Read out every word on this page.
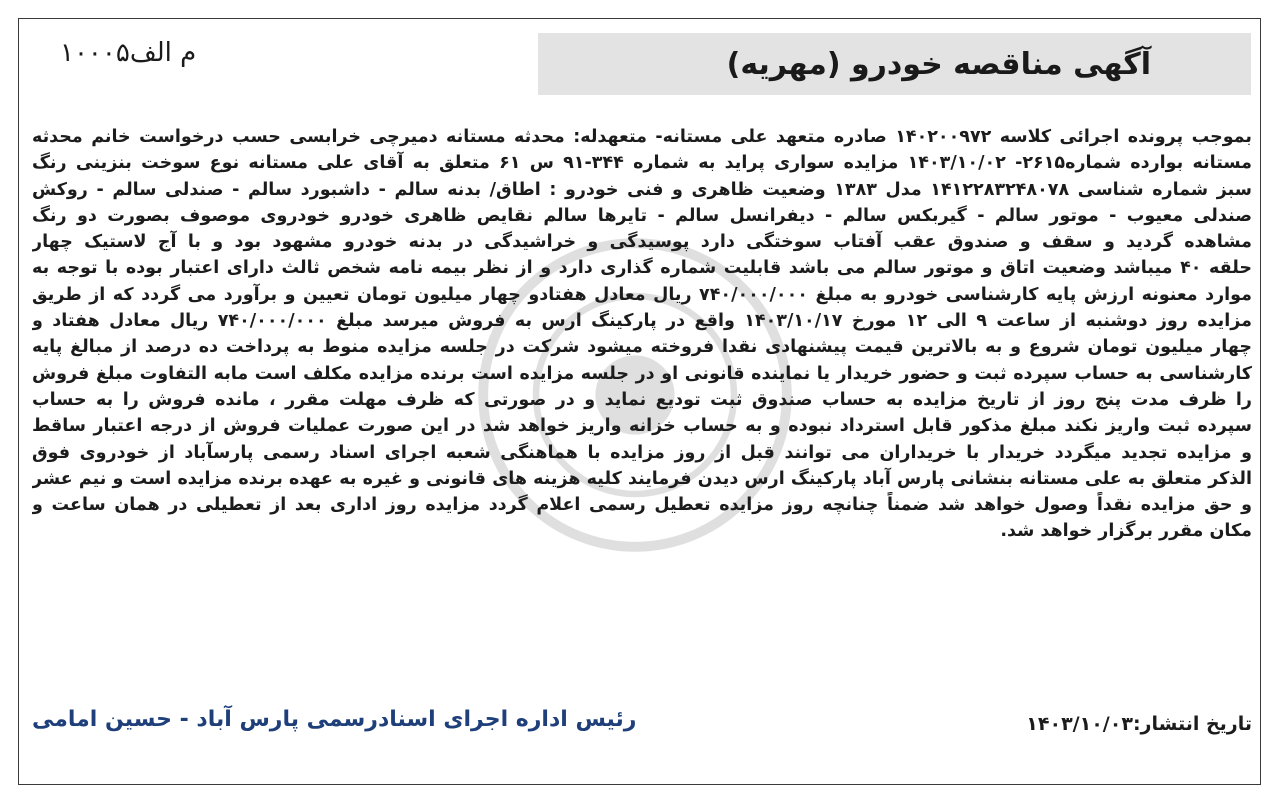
آگهی مناقصه خودرو (مهریه)
م الف۱۰۰۰۵
بموجب پرونده اجرائی کلاسه ۱۴۰۲۰۰۹۷۲ صادره متعهد علی مستانه- متعهدله: محدثه مستانه دمیرچی خرابسی حسب درخواست خانم محدثه
مستانه بوارده شماره۲۶۱۵- ۱۴۰۳/۱۰/۰۲ مزایده سواری پراید به شماره ۳۴۴-۹۱ س ۶۱ متعلق به آقای علی مستانه نوع سوخت بنزینی رنگ
سبز شماره شناسی ۱۴۱۲۲۸۳۲۴۸۰۷۸ مدل ۱۳۸۳ وضعیت ظاهری و فنی خودرو : اطاق/ بدنه سالم - داشبورد سالم - صندلی سالم - روکش
صندلی معیوب - موتور سالم - گیربکس سالم - دیفرانسل سالم - تایرها سالم نقایص ظاهری خودرو خودروی موصوف بصورت دو رنگ
مشاهده گردید و سقف و صندوق عقب آفتاب سوختگی دارد پوسیدگی و خراشیدگی در بدنه خودرو مشهود بود و با آج لاستیک چهار
حلقه ۴۰ میباشد وضعیت اتاق و موتور سالم می باشد قابلیت شماره گذاری دارد و از نظر بیمه نامه شخص ثالث دارای اعتبار بوده با توجه به
موارد معنونه ارزش پایه کارشناسی خودرو به مبلغ ۷۴۰/۰۰۰/۰۰۰ ریال معادل هفتادو چهار میلیون تومان تعیین و برآورد می گردد که از طریق
مزایده روز دوشنبه از ساعت ۹ الی ۱۲ مورخ ۱۴۰۳/۱۰/۱۷ واقع در پارکینگ ارس به فروش میرسد مبلغ ۷۴۰/۰۰۰/۰۰۰ ریال معادل هفتاد و
چهار میلیون تومان شروع و به بالاترین قیمت پیشنهادی نقدا فروخته میشود شرکت در جلسه مزایده منوط به پرداخت ده درصد از مبالغ پایه
کارشناسی به حساب سپرده ثبت و حضور خریدار یا نماینده قانونی او در جلسه مزایده است برنده مزایده مکلف است مابه التفاوت مبلغ فروش
را ظرف مدت پنج روز از تاریخ مزایده به حساب صندوق ثبت تودیع نماید و در صورتی که ظرف مهلت مقرر ، مانده فروش را به حساب
سپرده ثبت واریز نکند مبلغ مذکور قابل استرداد نبوده و به حساب خزانه واریز خواهد شد در این صورت عملیات فروش از درجه اعتبار ساقط
و مزایده تجدید میگردد خریدار با خریداران می توانند قبل از روز مزایده با هماهنگی شعبه اجرای اسناد رسمی پارسآباد از خودروی فوق
الذکر متعلق به علی مستانه بنشانی پارس آباد پارکینگ ارس دیدن فرمایند کلیه هزینه های قانونی و غیره به عهده برنده مزایده است و نیم عشر
و حق مزایده نقداً وصول خواهد شد ضمناً چنانچه روز مزایده تعطیل رسمی اعلام گردد مزایده روز اداری بعد از تعطیلی در همان ساعت و
مکان مقرر برگزار خواهد شد.
تاریخ انتشار:۱۴۰۳/۱۰/۰۳
رئیس اداره اجرای اسنادرسمی پارس آباد - حسین امامی
